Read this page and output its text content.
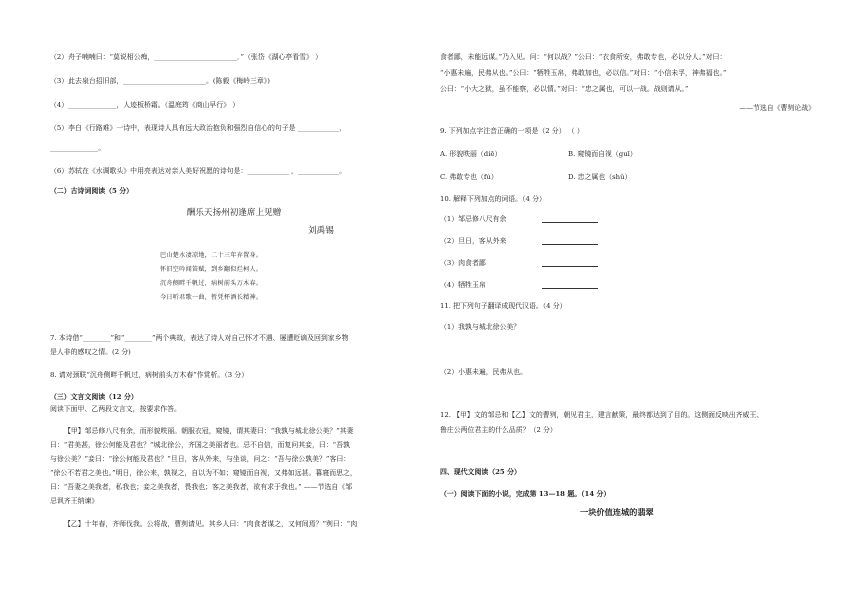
（2）舟子喃喃曰：“莫说相公痴，________________________．”（张岱《湖心亭看雪》 ）
（3）此去泉台招旧部，________________________。(陈毅《梅岭三章》)
（4）______________，人迹板桥霜。（温庭筠《商山早行》 ）
（5）李白《行路难》一诗中，表现诗人具有远大政治抱负和强烈自信心的句子是 ____________，
______________。
（6）苏轼在《水调歌头》中用亮表达对亲人美好祝愿的诗句是：____________ ，____________。
（二）古诗词阅读（5 分）
酬乐天扬州初逢席上见赠
刘禹锡
巴山楚水凄凉地，二十三年弃置身。
怀旧空吟闻笛赋，到乡翻似烂柯人。
沉舟侧畔千帆过，病树前头万木春。
今日听君歌一曲，暂凭杯酒长精神。
7. 本诗借“________”和“________”两个典故，表达了诗人对自己怀才不遇、屡遭贬谪及回到家乡物
是人非的感叹之情。(2 分)
8. 请对颈联“沉舟侧畔千帆过，病树前头万木春”作赏析。（3 分）
（三）文言文阅读（12 分）
阅读下面甲、乙两段文言文，按要求作答。
【甲】邹忌修八尺有余，而形貌昳丽。朝服衣冠，窥镜，谓其妻曰：“我孰与城北徐公美？”其妻
曰：“君美甚，徐公何能及君也？”城北徐公，齐国之美丽者也。忌不自信，而复问其妾，曰：“吾孰
与徐公美？”妾曰：“徐公何能及君也？”旦日，客从外来，与坐谈，问之：“吾与徐公孰美？”客曰：
“徐公不若君之美也。”明日，徐公来，孰视之，自以为不如；窥镜而自视，又弗如远甚。暮寝而思之，
曰：“吾妻之美我者，私我也；妾之美我者，畏我也；客之美我者，欲有求于我也。” ——节选自《邹
忌讽齐王纳谏》
【乙】十年春，齐师伐我。公将战，曹刿请见。其乡人曰：“肉食者谋之，又何间焉？”刿曰：“肉
食者鄙，未能远谋。”乃入见。问：“何以战？”公曰：“衣食所安，弗敢专也，必以分人。”对曰：
“小惠未遍，民弗从也。”公曰：“牺牲玉帛，弗敢加也，必以信。”对曰：“小信未孚，神弗福也。”
公曰：“小大之狱，虽不能察，必以情。”对曰：“忠之属也，可以一战。战则请从。”
——节选自《曹刿论战》
9. 下列加点字注音正确的一项是（2 分） （ ）
A. 形貌昳丽（diē）	B. 窥镜而自视（guī）
C. 弗敢专也（fú）	D. 忠之属也（shǔ）
10. 解释下列加点的词语。（4 分）
（1）邹忌修八尺有余
（2）旦日，客从外来
（3）肉食者鄙
（4）牺牲玉帛
11. 把下列句子翻译成现代汉语。（4 分）
（1）我孰与城北徐公美？
（2）小惠未遍，民弗从也。
12. 【甲】文的邹忌和【乙】文的曹刿，朝见君主，建言献策，最终都达到了目的。这侧面反映出齐威王、
鲁庄公两位君主的什么品质？（2 分）
四、现代文阅读（25 分）
（一）阅读下面的小说，完成第 13—18 题。（14 分）
一块价值连城的翡翠
